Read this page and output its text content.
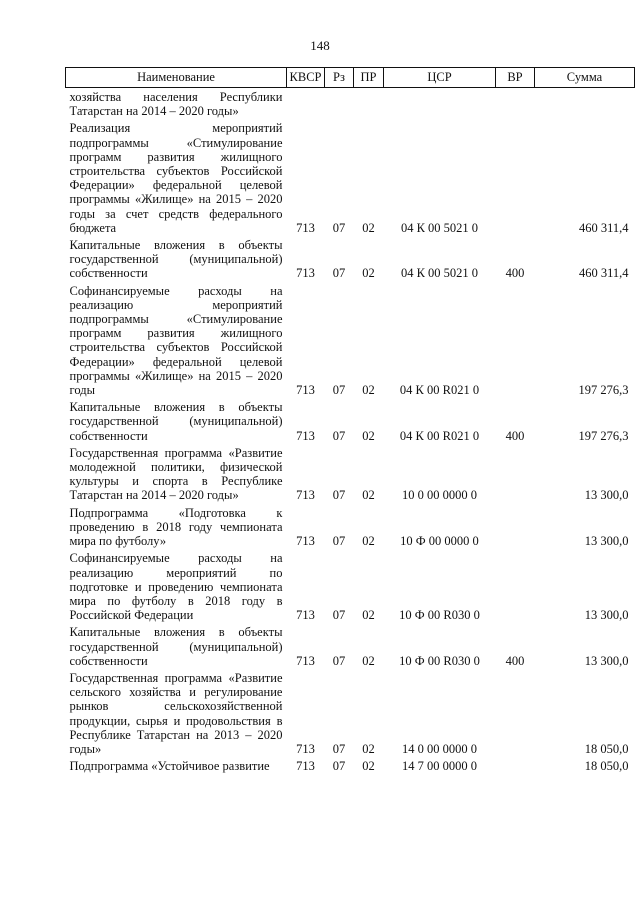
148
Наименование	КВСР	Рз	ПР	ЦСР	ВР	Сумма
хозяйства населения Республики Татарстан на 2014 – 2020 годы»						
Реализация мероприятий подпрограммы «Стимулирование программ развития жилищного строительства субъектов Российской Федерации» федеральной целевой программы «Жилище» на 2015 – 2020 годы за счет средств федерального бюджета	713	07	02	04 К 00 5021 0		460 311,4
Капитальные вложения в объекты государственной (муниципальной) собственности	713	07	02	04 К 00 5021 0	400	460 311,4
Софинансируемые расходы на реализацию мероприятий подпрограммы «Стимулирование программ развития жилищного строительства субъектов Российской Федерации» федеральной целевой программы «Жилище» на 2015 – 2020 годы	713	07	02	04 К 00 R021 0		197 276,3
Капитальные вложения в объекты государственной (муниципальной) собственности	713	07	02	04 К 00 R021 0	400	197 276,3
Государственная программа «Развитие молодежной политики, физической культуры и спорта в Республике Татарстан на 2014 – 2020 годы»	713	07	02	10 0 00 0000 0		13 300,0
Подпрограмма «Подготовка к проведению в 2018 году чемпионата мира по футболу»	713	07	02	10 Ф 00 0000 0		13 300,0
Софинансируемые расходы на реализацию мероприятий по подготовке и проведению чемпионата мира по футболу в 2018 году в Российской Федерации	713	07	02	10 Ф 00 R030 0		13 300,0
Капитальные вложения в объекты государственной (муниципальной) собственности	713	07	02	10 Ф 00 R030 0	400	13 300,0
Государственная программа «Развитие сельского хозяйства и регулирование рынков сельскохозяйственной продукции, сырья и продовольствия в Республике Татарстан на 2013 – 2020 годы»	713	07	02	14 0 00 0000 0		18 050,0
Подпрограмма «Устойчивое развитие	713	07	02	14 7 00 0000 0		18 050,0
